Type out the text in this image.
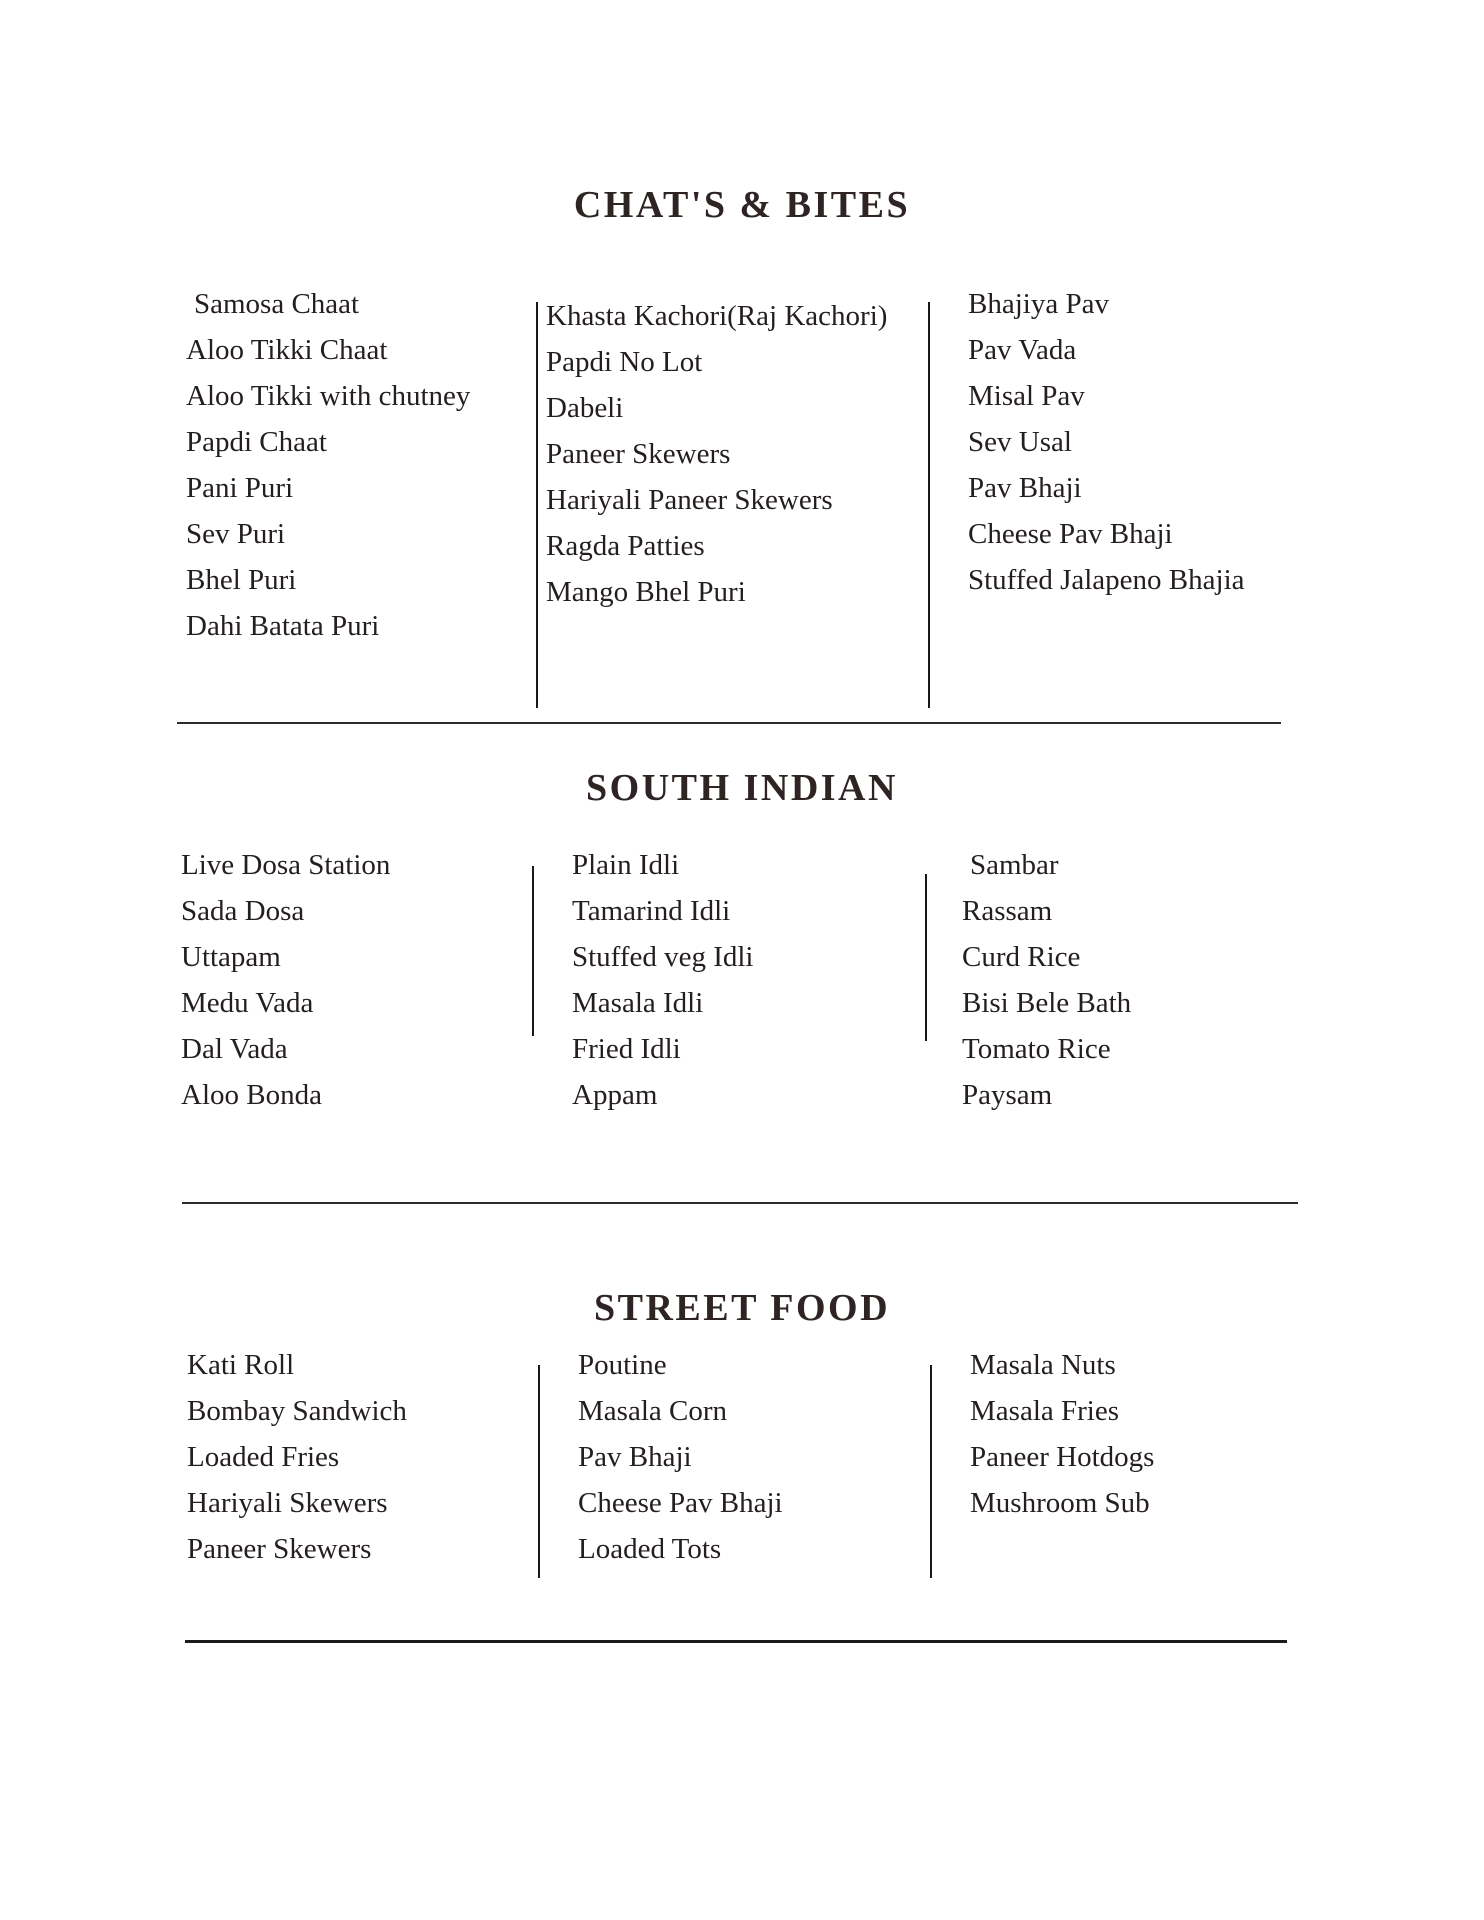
CHAT'S & BITES
Samosa Chaat
Aloo Tikki Chaat
Aloo Tikki with chutney
Papdi Chaat
Pani Puri
Sev Puri
Bhel Puri
Dahi Batata Puri
Khasta Kachori(Raj Kachori)
Papdi No Lot
Dabeli
Paneer Skewers
Hariyali Paneer Skewers
Ragda Patties
Mango Bhel Puri
Bhajiya Pav
Pav Vada
Misal Pav
Sev Usal
Pav Bhaji
Cheese Pav Bhaji
Stuffed Jalapeno Bhajia
SOUTH INDIAN
Live Dosa Station
Sada Dosa
Uttapam
Medu Vada
Dal Vada
Aloo Bonda
Plain Idli
Tamarind Idli
Stuffed veg Idli
Masala Idli
Fried Idli
Appam
Sambar
Rassam
Curd Rice
Bisi Bele Bath
Tomato Rice
Paysam
STREET FOOD
Kati Roll
Bombay Sandwich
Loaded Fries
Hariyali Skewers
Paneer Skewers
Poutine
Masala Corn
Pav Bhaji
Cheese Pav Bhaji
Loaded Tots
Masala Nuts
Masala Fries
Paneer Hotdogs
Mushroom Sub
